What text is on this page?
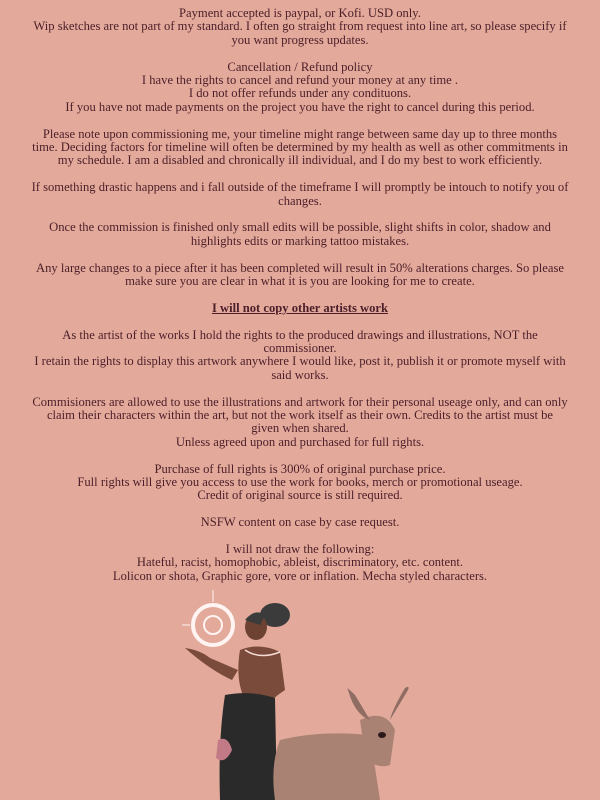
Payment accepted is paypal, or Kofi. USD only.
Wip sketches are not part of my standard. I often go straight from request into line art, so please specify if
you want progress updates.
Cancellation / Refund policy
I have the rights to cancel and refund your money at any time .
I do not offer refunds under any condituons.
If you have not made payments on the project you have the right to cancel during this period.
Please note upon commissioning me, your timeline might range between same day up to three months
time. Deciding factors for timeline will often be determined by my health as well as other commitments in
my schedule. I am a disabled and chronically ill individual, and I do my best to work efficiently.
If something drastic happens and i fall outside of the timeframe I will promptly be intouch to notify you of
changes.
Once the commission is finished only small edits will be possible, slight shifts in color, shadow and
highlights edits or marking tattoo mistakes.
Any large changes to a piece after it has been completed will result in 50% alterations charges. So please
make sure you are clear in what it is you are looking for me to create.
I will not copy other artists work
As the artist of the works I hold the rights to the produced drawings and illustrations, NOT the
commissioner.
I retain the rights to display this artwork anywhere I would like, post it, publish it or promote myself with
said works.
Commisioners are allowed to use the illustrations and artwork for their personal useage only, and can only
claim their characters within the art, but not the work itself as their own. Credits to the artist must be
given when shared.
Unless agreed upon and purchased for full rights.
Purchase of full rights is 300% of original purchase price.
Full rights will give you access to use the work for books, merch or promotional useage.
Credit of original source is still required.
NSFW content on case by case request.
I will not draw the following:
Hateful, racist, homophobic, ableist, discriminatory, etc. content.
Lolicon or shota, Graphic gore, vore or inflation. Mecha styled characters.
